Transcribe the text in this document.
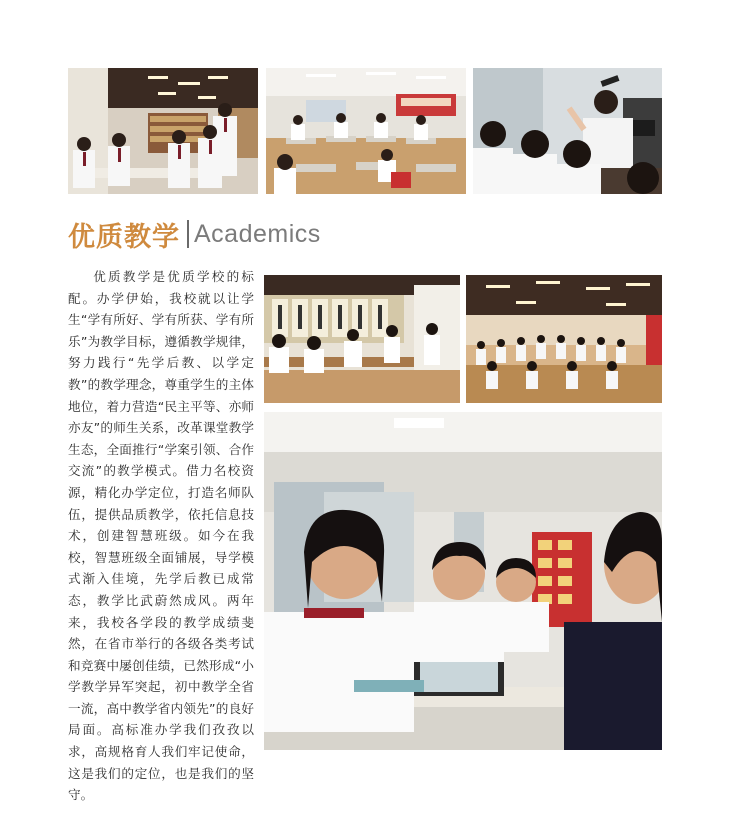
优质教学 Academics
优质教学是优质学校的标配。办学伊始，我校就以让学生“学有所好、学有所获、学有所乐”为教学目标，遵循教学规律，努力践行“先学后教、以学定教”的教学理念，尊重学生的主体地位，着力营造“民主平等、亦师亦友”的师生关系，改革课堂教学生态，全面推行“学案引领、合作交流”的教学模式。借力名校资源，精化办学定位，打造名师队伍，提供品质教学，依托信息技术，创建智慧班级。如今在我校，智慧班级全面铺展，导学模式渐入佳境，先学后教已成常态，教学比武蔚然成风。两年来，我校各学段的教学成绩斐然，在省市举行的各级各类考试和竞赛中屡创佳绩，已然形成“小学教学异军突起，初中教学全省一流，高中教学省内领先”的良好局面。高标准办学我们孜孜以求，高规格育人我们牢记使命，这是我们的定位，也是我们的坚守。
